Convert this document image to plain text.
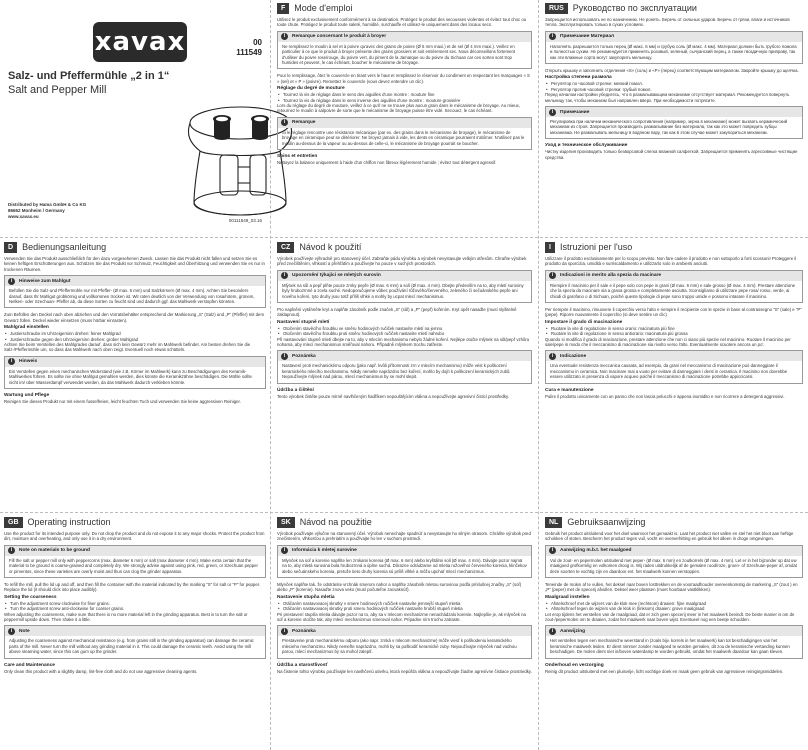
xavax	00
111549
Salz- und Pfeffermühle „2 in 1“
Salt and Pepper Mill
Distributed by Hama GmbH & Co KG
86652 Monheim / Germany
www.xavax.eu
00111549_03.16
F	Mode d'emploi
Utilisez le produit exclusivement conformément à sa destination. Protégez le produit des secousses violentes et évitez tout choc ou toute chute. Protégez le produit toute saleté, humidité, surchauffe et utilisez-le uniquement dans des locaux secs.
i	Remarque concernant le produit à broyer
Ne remplissez le moulin à sel et à poivre qu'avec des grains de poivre (Ø 6 mm maxi.) et de sel (Ø 4 mm maxi.). Veillez en particulier à ce que le produit à broyer présente des grains grossiers et soit entièrement sec. Nous déconseillons fortement d'utiliser du poivre rose/rouge, du poivre vert, du piment de la Jamaïque ou du poivre du Sichuan car ces sortes sont trop humides et peuvent, le cas échéant, boucher le mécanisme de broyage.
Pour le remplissage, ôtez le couvercle en tirant vers le haut et remplissez le réservoir du condiment en respectant les marquages « S » (sel) et « P » (poivre). Remettez le couvercle (vous devez entendre un clic).
Réglage du degré de mouture
• Tournez la vis de réglage dans le sens des aiguilles d'une montre : mouture fine
• Tournez la vis de réglage dans le sens inverse des aiguilles d'une montre : mouture grossière
Lors du réglage du degré de mouture, veillez à ce qu'il ne se trouve plus aucun grain dans le mécanisme de broyage. Au mieux, retournez le moulin à salpoivre de sorte que le mécanisme de broyage puisse être vidé. Secouez, le cas échéant.
i	Remarque
Si le réglage rencontre une résistance mécanique (par ex. des grains dans le mécanisme de broyage), le mécanisme de broyage en céramique peut se détériorer. Ne broyez jamais à vide, les dents en céramique pourraient s'abîmer. N'utilisez pas le moulin au-dessus de la vapeur ou au-dessus de celle-ci, le mécanisme de broyage pourrait se boucher.
Soins et entretien
Nettoyez la balance uniquement à l'aide d'un chiffon non fibreux légèrement humide ; évitez tout détergent agressif.
RUS	Руководство по эксплуатации
Запрещается использовать не по назначению. Не ронять. Беречь от сильных ударов. Беречь от грязи, влаги и источников тепла. Эксплуатировать только в сухих условиях.
i	Примечание Материал
Наполнять разрешается только перец (Ø макс. 6 мм) и грубую соль (Ø макс. 4 мм). Материал должен быть грубого помола и полностью сухим. Не рекомендуется применять розовый, зеленый, сычуанский перец, а также гвоздичную приправу, так как эти влажные сорта могут закупорить мельницу.
Открыть крышку и заполнить отделения «S» (соль) и «P» (перец) соответствующим материалом. Закройте крышку до щелчка.
Настройка степени размола
• Регулятор по часовой стрелке: мелкий помол.
• Регулятор против часовой стрелки: грубый помол.
Перед началом настройки убедитесь, что в размалывающем механизме отсутствует материал. Рекомендуется повернуть мельницу так, чтобы механизм был направлен вверх. При необходимости потрясите.
i	Примечание
Регулировка при наличии механического сопротивления (например, зерна в механизме) может вызвать керамический механизм из строя. Запрещается производить размалывание без материала, так как это может повредить зубцы механизма. Не размалывать мельницу в водяном пару, так как в этом случае может закупориться механизм.
Уход и техническое обслуживание
Чистку изделия производить только безворсовой слегка влажной салфеткой. Запрещается применять агрессивные чистящие средства.
D	Bedienungsanleitung
Verwenden Sie das Produkt ausschließlich für den dazu vorgesehenen Zweck. Lassen Sie das Produkt nicht fallen und setzen Sie es keinen heftigen Erschütterungen aus. Schützen Sie das Produkt vor Schmutz, Feuchtigkeit und Überhitzung und verwenden Sie es nur in trockenen Räumen.
i	Hinweise zum Mahlgut
Befüllen Sie die Salz-und Pfeffermühle nur mit Pfeffer- (Ø max. 6 mm) und Salzkörnern (Ø max. 4 mm). Achten Sie besonders darauf, dass Ihr Mahlgut grobkörnig und vollkommen trocken ist. Wir raten deutlich von der Verwendung von rosa/rotem, grünem, Nelken- oder Szechuan- Pfeffer ab, da diese Sorten zu feucht sind und dadurch ggf. das Mahlwerk verstopfen könnten.
Zum Befüllen den Deckel nach oben abziehen und den Vorratsbehälter entsprechend der Markierung „S“ (Salz) und „P“ (Pfeffer) mit dem Gewürz füllen. Deckel wieder einsetzen (muss hörbar einrasten).
Mahlgrad einstellen
• Justierschraube im Uhrzeigersinn drehen: feiner Mahlgrad
• Justierschraube gegen den Uhrzeigersinn drehen: grober Mahlgrad
Achten Sie beim Verstellen des Mahlgrades darauf, dass sich kein Gewürz mehr im Mahlwerk befindet. Am besten drehen Sie die Salz-/Pfeffermühle um, so dass das Mahlwerk nach oben zeigt. Eventuell noch etwas schütteln.
i	Hinweis
Ein Verstellen gegen einen mechanischen Widerstand (wie z.B. Körner im Mahlwerk) kann zu Beschädigungen des Keramik-Mahlwerkes führen. Es sollte nie ohne Mahlgut gemahlen werden, dies könnte die Keramikzähne beschädigen. Die Mühle sollte nicht im/ über Wasserdampf verwendet werden, da das Mahlwerk dadurch verkleben könnte.
Wartung und Pflege
Reinigen Sie dieses Produkt nur mit einem fusselfreien, leicht feuchten Tuch und verwenden Sie keine aggressiven Reiniger.
CZ	Návod k použití
Výrobek používejte výhradně pro stanovený účel. Zabraňte pádu výrobku a výrobek nevystavujte velkým otřesům. Chraňte výrobek před znečištěním, vlhkostí a přehřátím a používejte ho pouze v suchých prostorách.
i	Upozornění týkající se mletých surovin
Mlýnek na sůl a pepř plňte pouze zrnky pepře (Ø max. 6 mm) a solí (Ø max. 4 mm). Dbejte především na to, aby mletí suroviny byly hrubozrnné a zcela suché. Nedoporučujeme vůbec používání růžového/červeného, zeleného či sečuánského pepře ani nového koření, tyto druhy jsou totiž příliš vlhké a mohly by ucpat mlecí mechanismus.
Pro naplnění vytáhněte kryt a naplňte zásobník podle značek „S“ (sůl) a „P“ (pepř) kořením. Kryt opět nasaďte (musí slyšitelně zaklapnout).
Nastavení stupně mletí
• Otočením stavěcího šroubku ve směru hodinových ručiček nastavíte mletí na jemno
• Otočením stavěcího šroubku proti směru hodinových ručiček nastavíte mletí nahrubo
Při nastavování stupně mletí dbejte na to, aby v mlecím mechanismu nebylo žádné koření. Nejlépe otočte mlýnek na sůl/pepř vzhůru nohama, aby mlecí mechanismus směřoval nahoru. Případně mlýnkem trochu zatřeste.
i	Poznámka
Nastavení proti mechanickému odporu (jako např. kvůli přítomnosti zrn v mlecím mechanismu) může vést k poškození keramického mlecího mechanismu. Nikdy nemelte naprázdno bez koření, mohlo by dojít k poškození keramických zubů. Nepoužívejte mlýnek nad párou, mlecí mechanismus by se mohl slepit.
Údržba a čištění
Tento výrobek čistěte pouze mírně navlhčeným hadříkem nepouštějícím vlákna a nepoužívejte agresivní čisticí prostředky.
I	Istruzioni per l'uso
Utilizzare il prodotto esclusivamente per lo scopo previsto. Non fare cadere il prodotto e non sottoporlo a forti scossoni! Proteggere il prodotto da sporcizia, umidità e surriscaldamento e utilizzarlo solo in ambienti asciutti.
i	Indicazioni in merito alla spezia da macinare
Riempire il macinino per il sale e il pepe solo con pepe in grani (Ø max. 6 mm) e sale grosso (Ø max. 4 mm). Prestare attenzione che la spezia da macinare sia a grana grossa e completamente asciutta. Sconsigliamo di utilizzare pepe rosa/ rosso, verde, ai chiodi di garofano o di Sichuan, poiché queste tipologie di pepe sono troppo umide e possono intasare il macinino.
Per riempire il macinino, rimuovere il coperchio verso l'alto e riempire il recipiente con le spezie in base al contrassegno "S" (sale) e "P" (pepe). Riporre nuovamente il coperchio (si deve sentire un clic)
Impostare il grado di macinazione
• Ruotare la vite di regolazione in senso orario: macinatura più fine
• Ruotare la vite di regolazione in senso antiorario: macinatura più grossa
Quando si modifica il grado di macinazione, prestare attenzione che non ci siano più spezie nel macinino. Ruotare il macinino per sale/pepe in modo che il meccanismo di macinazione sia rivolto verso l'alto. Eventualmente scuotere ancora un po'.
i	Indicazione
Una eventuale resistenza meccanica causata, ad esempio, da grani nel meccanismo di macinazione può danneggiare il meccanismo in ceramica. Non macinare mai a vuoto per evitare di danneggiare i denti in ceramica. Il macinino non dovrebbe essere utilizzato in presenza di vapore acqueo poiché il meccanismo di macinazione potrebbe appiccicarsi.
Cura e manutenzione
Pulire il prodotto unicamente con un panno che non lascia pelucchi e appena inumidito e non ricorrere a detergenti aggressivi.
GB	Operating instruction
Use the product for its intended purpose only. Do not drop the product and do not expose it to any major shocks. Protect the product from dirt, moisture and overheating, and only use it in a dry environment.
i	Note on materials to be ground
Fill the salt or pepper mill only with peppercorns (max. diameter 6 mm) or salt (max diameter 4 mm). Make extra certain that the material to be ground is coarse-grained and completely dry. We strongly advise against using pink, red, green, or Szechuan pepper or pimentos, since these varieties are overly moist and thus can clog the grinder apparatus.
To refill the mill, pull the lid up and off, and then fill the container with the material indicated by the marking "S" for salt or "P" for pepper. Replace the lid (it should click into place audibly).
Setting the coarseness
• Turn the adjustment screw clockwise for finer grains.
• Turn the adjustment screw anti-clockwise for coarser grains.
When adjusting the coarseness, make sure that there is no more material left in the grinding apparatus. Best is to turn the salt or peppermill upside down. Then shake it a little.
i	Note
Adjusting the coarseness against mechanical resistance (e.g. from grains still in the grinding apparatus) can damage the ceramic parts of the mill. Never turn the mill without any grinding material in it. This could damage the ceramic teeth. Avoid using the mill above steaming water, since this can gum up the grinder.
Care and Maintenance
Only clean this product with a slightly damp, lint-free cloth and do not use aggressive cleaning agents.
SK	Návod na použitie
Výrobok používajte výlučne na stanovený účel. Výrobok nenechajte spadnúť a nevystavujte ho silným otrasom. Chráňte výrobok pred znečistením, vlhkosťou a prehriatím a používajte ho len v suchom prostredí.
i	Informácia k mletej surovine
Mlynček na soľ a korenie naplňte len zrnkami korenia (Ø max. 6 mm) alebo kryštálmi soli (Ø max. 4 mm). Dávajte pozor najmä na to, aby mletá surovina bola hrubozrnná a úplne suchá. Dôrazne odrádzame od mletia ružového/ červeného korenia, klinčekov alebo sečuánskeho korenia, pretože tieto druhy korenia sú príliš vlhké a môžu upchať mlecí mechanizmus.
Mlynček naplňte tak, že odstránite vrchnák smerom nahor a naplňte zásobník mletou surovinou podľa príslušnej značky „S“ (soľ) alebo „P“ (korenie). Nasaďte znova veko (musí počuteľne zacvaknúť).
Nastavenie stupňa mletia
• Otáčaním nastavovacej skrutky v smere hodinových ručičiek nastavíte jemnejší stupeň mletia
• Otáčaním nastavovacej skrutky proti smeru hodinových ručičiek nastavíte hrubší stupeň mletia
Pri prestavení stupňa mletia dávajte pozor na to, aby sa v mlecom mechanizme nenachádzalo korenie. Najlepšie je, ak mlynček na soľ a korenie otočíte tak, aby mlecí mechanizmus smeroval nahor. Prípadne ním trochu zatraste.
i	Poznámka
Prestavenie proti mechanickému odporu (ako napr. zrnká v mlecom mechanizme) môže viesť k poškodeniu keramického mlecieho mechanizmu. Nikdy nemeľte naprázdno, mohli by sa poškodiť keramické zuby. Nepoužívajte mlynček nad vodnou parou, mlecí mechanizmus by sa mohol zalepiť.
Údržba a starostlivosť
Na čistenie tohto výrobku používajte len navlhčenú utierku, ktorá nepúšťa vlákna a nepoužívajte žiadne agresívne čistiace prostriedky.
NL	Gebruiksaanwijzing
Gebruik het product uitsluitend voor het doel waarvoor het gemaakt is. Laat het product niet vallen en stel het niet bloot aan heftige schokken of stoten. Bescherm het product tegen vuil, vocht en oververhitting en gebruik het alleen in droge omgevingen.
i	Aanwijzing m.b.t. het maalgoed
Vul de zout- en pepermolen uitsluitend met peper- (Ø max. 6 mm) en zoutkorrels (Ø max. 4 mm). Let er in het bijzonder op dat uw maalgoed grofkorrelig en volkomen droog is. Wij raden uitdrukkelijk af de gemalen rood/roze, groen- of Szechuan-peper af, omdat deze soorten te vochtig zijn en daardoor evt. het maalwerk kunnen verstoppen.
Teneinde de molen af te vullen, het deksel naar boven losttrekken en de voorraadhouder overeenkomstig de markering „S“ (zout ) en „P“ (peper) met de specerij afvullen. Deksel weer plaatsen (moet hoorbaar vastklikken).
Maalgraad instellen
• Afstelschroef met de wijzers van de klok mee (rechtsom) draaien: fijne maalgraad
• Afstelschroef tegen de wijzers van de klok in (linksom) draaien: grove maalgraad
Let erop tijdens het verstellen van de maalgraad, dat er zich geen specerij meer in het maalwerk bevindt. De beste manier is om de zout-/pepermolen om te draaien, zodat het maalwerk naar boven wijst. Eventueel nog een beetje schudden.
i	Aanwijzing
Het verstellen tegen een mechanische weerstand in (zoals bijv. korrels in het maalwerk) kan tot beschadigingen van het keramische maalwerk leiden. Er dient nimmer zonder maalgoed te worden gemalen, dit zou de keramische vertanding kunnen beschadigen. De molen dient niet in/boven waterdamp te worden gebruikt, omdat het maalwerk daardoor kan gaan kleven.
Onderhoud en verzorging
Reinig dit product uitsluitend met een pluisvrije, licht vochtige doek en maak geen gebruik van agressieve reinigingsmiddelen.
